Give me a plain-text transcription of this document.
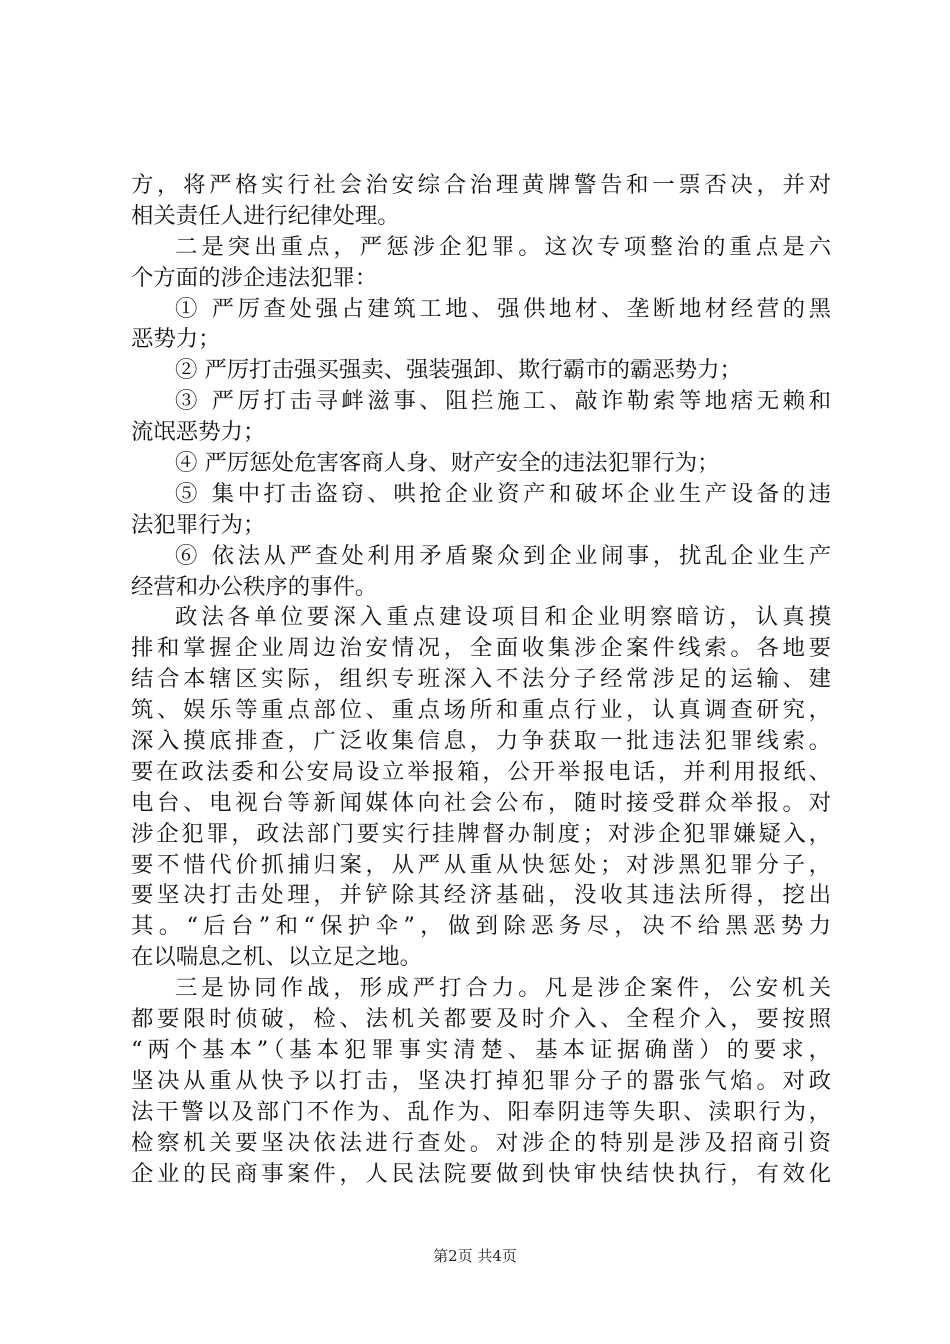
方，将严格实行社会治安综合治理黄牌警告和一票否决，并对
相关责任人进行纪律处理。
二是突出重点，严惩涉企犯罪。这次专项整治的重点是六
个方面的涉企违法犯罪：
① 严厉查处强占建筑工地、强供地材、垄断地材经营的黑
恶势力；
② 严厉打击强买强卖、强装强卸、欺行霸市的霸恶势力；
③ 严厉打击寻衅滋事、阻拦施工、敲诈勒索等地痞无赖和
流氓恶势力；
④ 严厉惩处危害客商人身、财产安全的违法犯罪行为；
⑤ 集中打击盗窃、哄抢企业资产和破坏企业生产设备的违
法犯罪行为；
⑥ 依法从严查处利用矛盾聚众到企业闹事，扰乱企业生产
经营和办公秩序的事件。
政法各单位要深入重点建设项目和企业明察暗访，认真摸
排和掌握企业周边治安情况，全面收集涉企案件线索。各地要
结合本辖区实际，组织专班深入不法分子经常涉足的运输、建
筑、娱乐等重点部位、重点场所和重点行业，认真调查研究，
深入摸底排查，广泛收集信息，力争获取一批违法犯罪线索。
要在政法委和公安局设立举报箱，公开举报电话，并利用报纸、
电台、电视台等新闻媒体向社会公布，随时接受群众举报。对
涉企犯罪，政法部门要实行挂牌督办制度；对涉企犯罪嫌疑入，
要不惜代价抓捕归案，从严从重从快惩处；对涉黑犯罪分子，
要坚决打击处理，并铲除其经济基础，没收其违法所得，挖出
其。“后台”和“保护伞”，做到除恶务尽，决不给黑恶势力
在以喘息之机、以立足之地。
三是协同作战，形成严打合力。凡是涉企案件，公安机关
都要限时侦破，检、法机关都要及时介入、全程介入，要按照
“两个基本”（基本犯罪事实清楚、基本证据确凿）的要求，
坚决从重从快予以打击，坚决打掉犯罪分子的嚣张气焰。对政
法干警以及部门不作为、乱作为、阳奉阴违等失职、渎职行为，
检察机关要坚决依法进行查处。对涉企的特别是涉及招商引资
企业的民商事案件，人民法院要做到快审快结快执行，有效化
第2页 共4页
